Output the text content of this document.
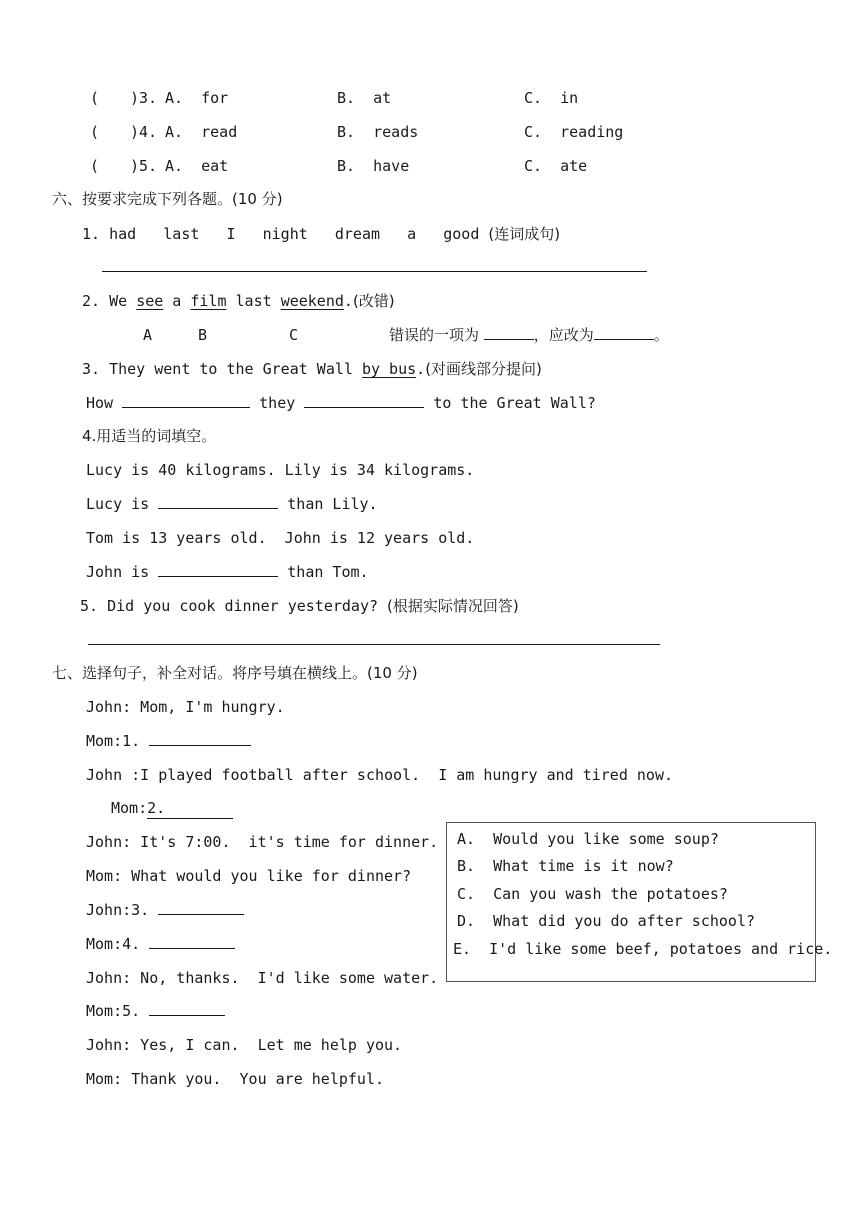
( )3. A.  for	B.  at	C.  in
( )4. A.  read	B.  reads	C.  reading
( )5. A.  eat	B.  have	C.  ate
六、按要求完成下列各题。(10 分)
1. had   last   I   night   dream   a   good (连词成句)
2. We see a film last weekend.(改错)
A	B	C	错误的一项为	，应改为	。
3. They went to the Great Wall by bus.(对画线部分提问)
How	they	to the Great Wall?
4.用适当的词填空。
Lucy is 40 kilograms. Lily is 34 kilograms.
Lucy is	than Lily.
Tom is 13 years old.  John is 12 years old.
John is	than Tom.
5. Did you cook dinner yesterday? (根据实际情况回答)
七、选择句子，补全对话。将序号填在横线上。(10 分)
John: Mom, I'm hungry.
Mom:1.
John :I played football after school.  I am hungry and tired now.
Mom:2.
John: It's 7:00.  it's time for dinner.
Mom: What would you like for dinner?
John:3.
Mom:4.
John: No, thanks.  I'd like some water.
Mom:5.
John: Yes, I can.  Let me help you.
Mom: Thank you.  You are helpful.
A.  Would you like some soup?
B.  What time is it now?
C.  Can you wash the potatoes?
D.  What did you do after school?
E.  I'd like some beef, potatoes and rice.
